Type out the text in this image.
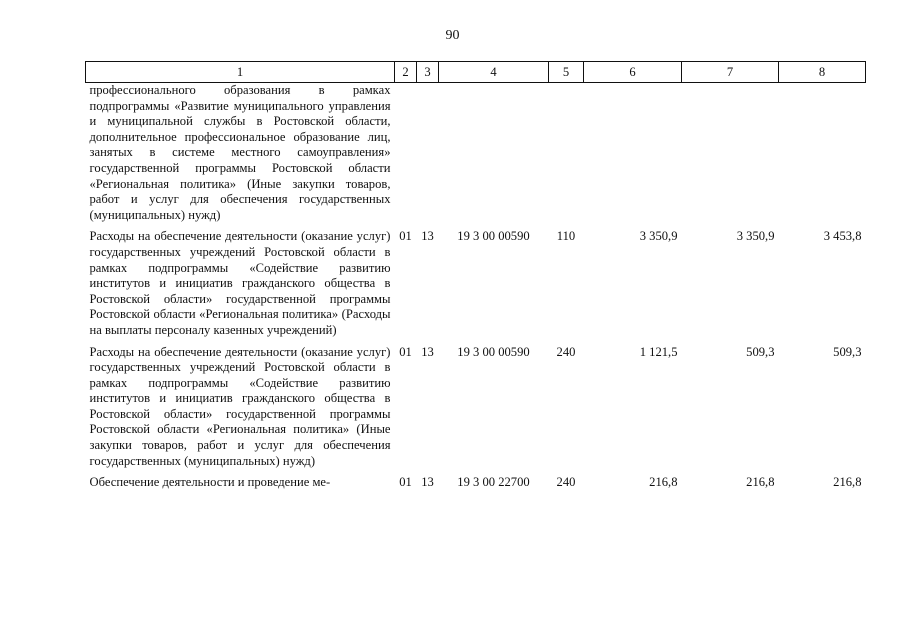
90
1	2	3	4	5	6	7	8
профессионального образования в рамках подпрограммы «Развитие муниципального управления и муниципальной службы в Ростовской области, дополнительное профессиональное образование лиц, занятых в системе местного самоуправления» государственной программы Ростовской области «Региональная политика» (Иные закупки товаров, работ и услуг для обеспечения государственных (муниципальных) нужд)							
Расходы на обеспечение деятельности (оказание услуг) государственных учреждений Ростовской области в рамках подпрограммы «Содействие развитию институтов и инициатив гражданского общества в Ростовской области» государственной программы Ростовской области «Региональная политика» (Расходы на выплаты персоналу казенных учреждений)	01	13	19 3 00 00590	110	3 350,9	3 350,9	3 453,8
Расходы на обеспечение деятельности (оказание услуг) государственных учреждений Ростовской области в рамках подпрограммы «Содействие развитию институтов и инициатив гражданского общества в Ростовской области» государственной программы Ростовской области «Региональная политика» (Иные закупки товаров, работ и услуг для обеспечения государственных (муниципальных) нужд)	01	13	19 3 00 00590	240	1 121,5	509,3	509,3
Обеспечение деятельности и проведение ме-	01	13	19 3 00 22700	240	216,8	216,8	216,8
